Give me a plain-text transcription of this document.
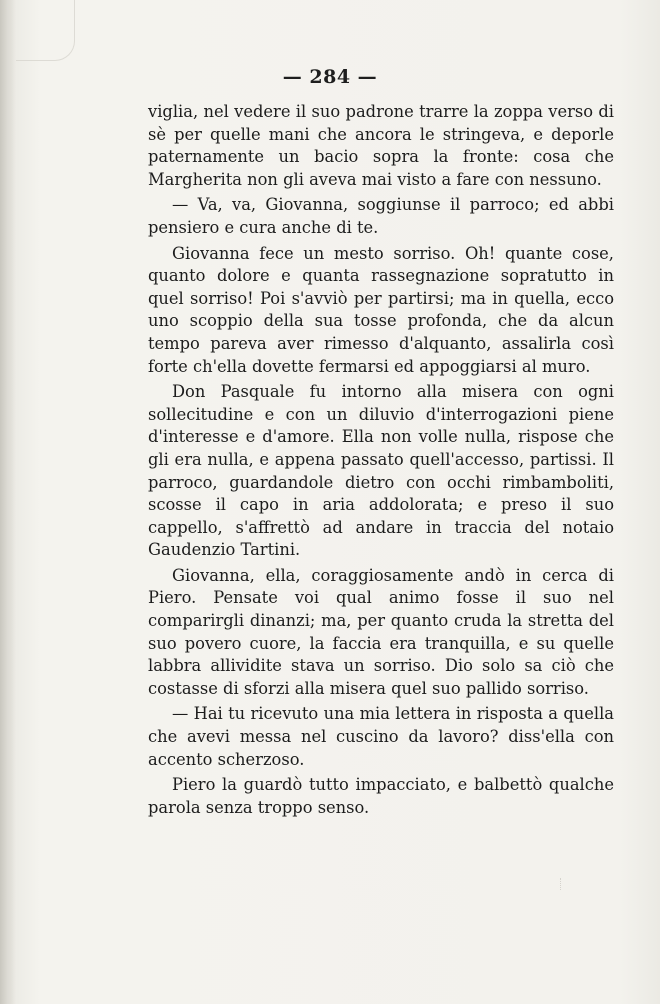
— 284 —

viglia, nel vedere il suo padrone trarre la zoppa verso di sè per quelle mani che ancora le stringeva, e deporle paternamente un bacio sopra la fronte: cosa che Margherita non gli aveva mai visto a fare con nessuno.

— Va, va, Giovanna, soggiunse il parroco; ed abbi pensiero e cura anche di te.

Giovanna fece un mesto sorriso. Oh! quante cose, quanto dolore e quanta rassegnazione sopratutto in quel sorriso! Poi s'avviò per partirsi; ma in quella, ecco uno scoppio della sua tosse profonda, che da alcun tempo pareva aver rimesso d'alquanto, assalirla così forte ch'ella dovette fermarsi ed appoggiarsi al muro.

Don Pasquale fu intorno alla misera con ogni sollecitudine e con un diluvio d'interrogazioni piene d'interesse e d'amore. Ella non volle nulla, rispose che gli era nulla, e appena passato quell'accesso, partissi. Il parroco, guardandole dietro con occhi rimbamboliti, scosse il capo in aria addolorata; e preso il suo cappello, s'affrettò ad andare in traccia del notaio Gaudenzio Tartini.

Giovanna, ella, coraggiosamente andò in cerca di Piero. Pensate voi qual animo fosse il suo nel comparirgli dinanzi; ma, per quanto cruda la stretta del suo povero cuore, la faccia era tranquilla, e su quelle labbra allividite stava un sorriso. Dio solo sa ciò che costasse di sforzi alla misera quel suo pallido sorriso.

— Hai tu ricevuto una mia lettera in risposta a quella che avevi messa nel cuscino da lavoro? diss'ella con accento scherzoso.

Piero la guardò tutto impacciato, e balbettò qualche parola senza troppo senso.
